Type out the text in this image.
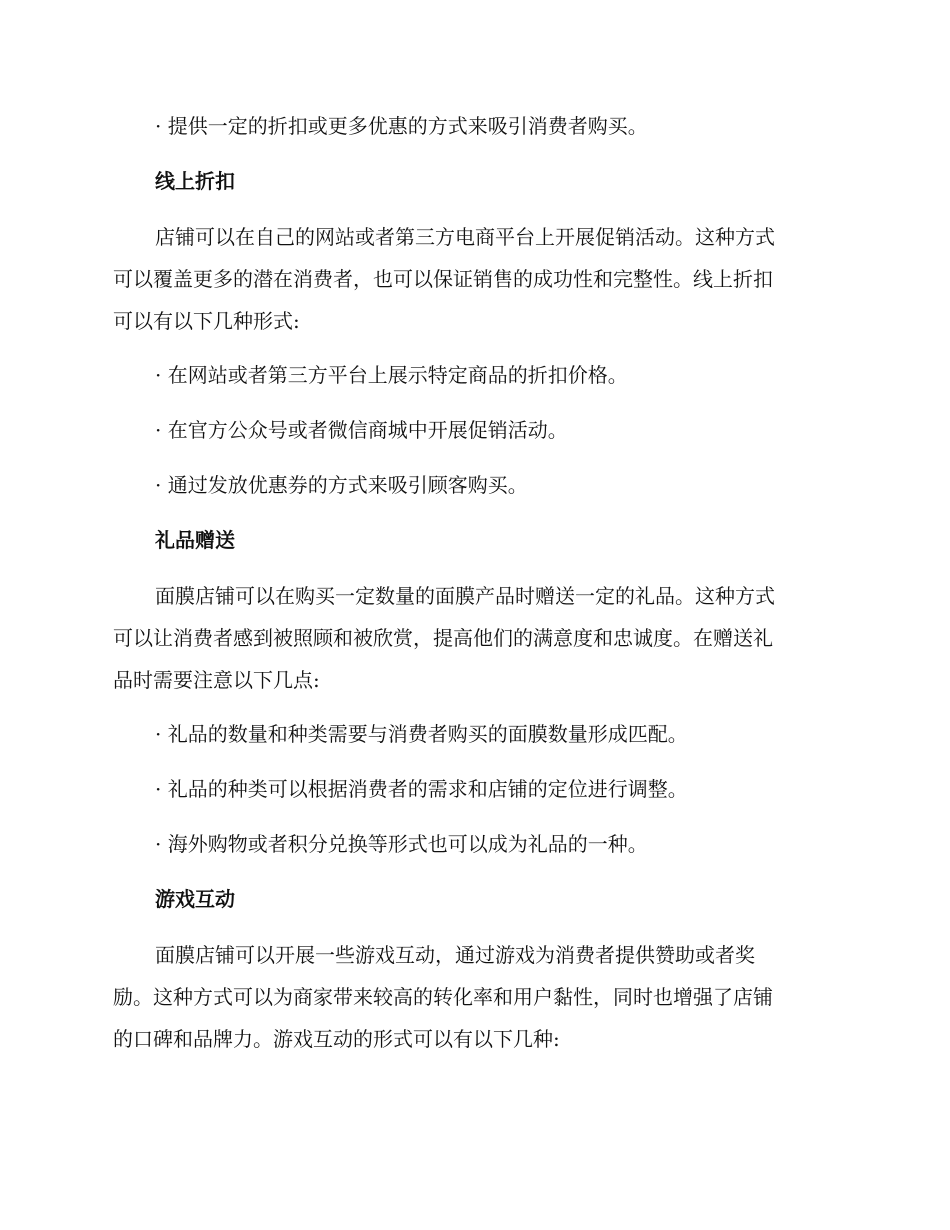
· 提供一定的折扣或更多优惠的方式来吸引消费者购买。
线上折扣
店铺可以在自己的网站或者第三方电商平台上开展促销活动。这种方式
可以覆盖更多的潜在消费者，也可以保证销售的成功性和完整性。线上折扣
可以有以下几种形式:
· 在网站或者第三方平台上展示特定商品的折扣价格。
· 在官方公众号或者微信商城中开展促销活动。
· 通过发放优惠券的方式来吸引顾客购买。
礼品赠送
面膜店铺可以在购买一定数量的面膜产品时赠送一定的礼品。这种方式
可以让消费者感到被照顾和被欣赏，提高他们的满意度和忠诚度。在赠送礼
品时需要注意以下几点:
· 礼品的数量和种类需要与消费者购买的面膜数量形成匹配。
· 礼品的种类可以根据消费者的需求和店铺的定位进行调整。
· 海外购物或者积分兑换等形式也可以成为礼品的一种。
游戏互动
面膜店铺可以开展一些游戏互动，通过游戏为消费者提供赞助或者奖
励。这种方式可以为商家带来较高的转化率和用户黏性，同时也增强了店铺
的口碑和品牌力。游戏互动的形式可以有以下几种:
